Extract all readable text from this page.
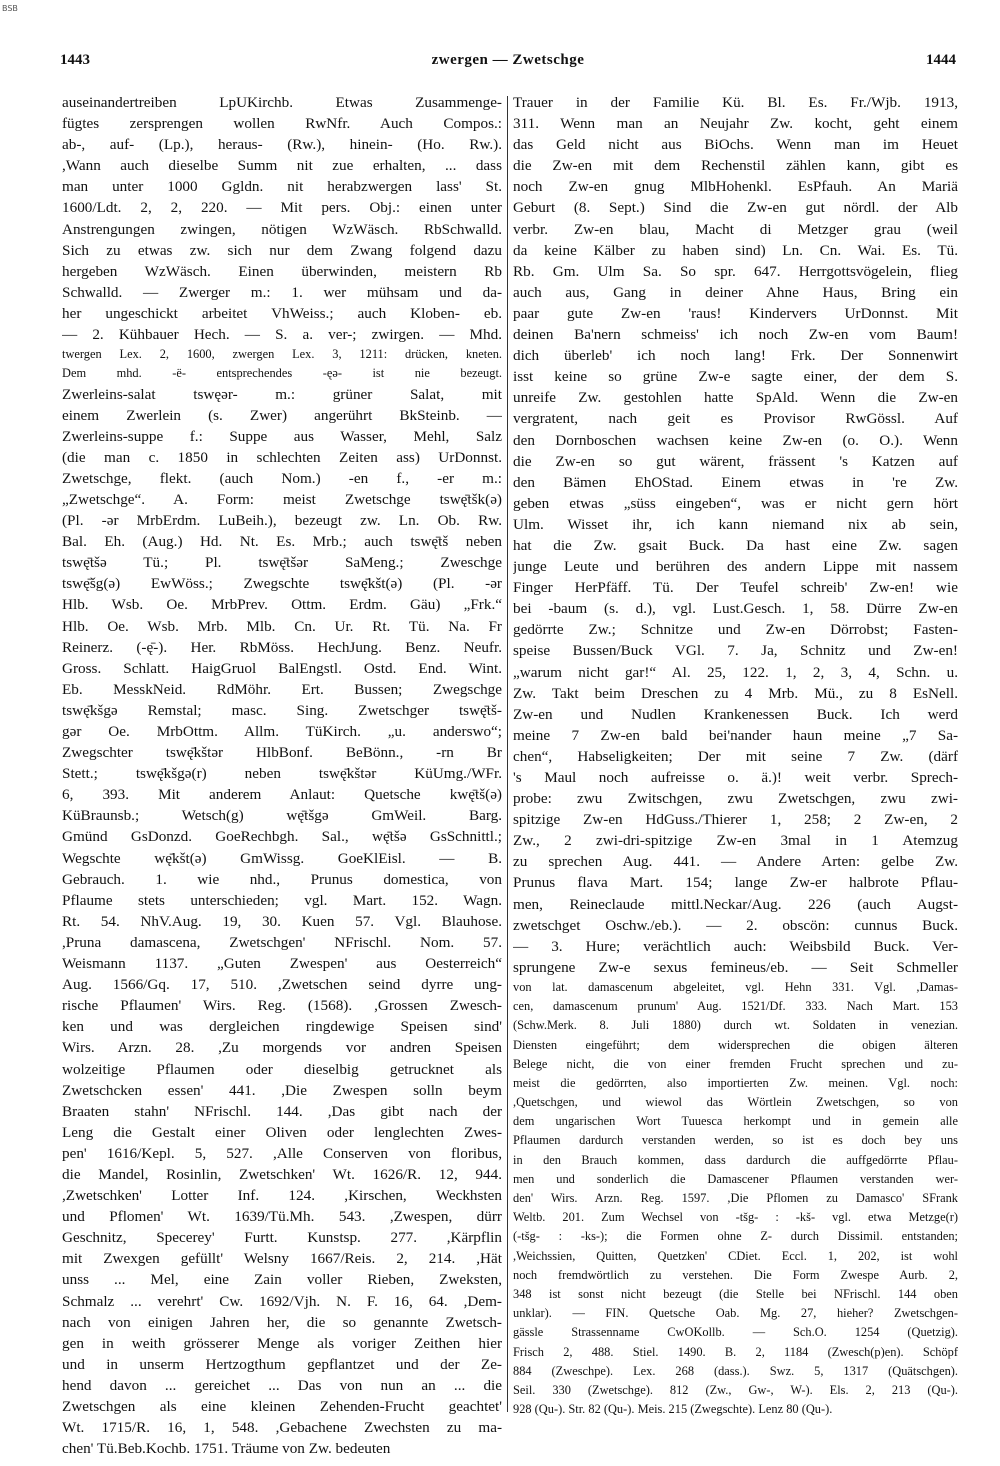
BSB
1443	zwergen — Zwetschge	1444
auseinandertreiben LpUKirchb. Etwas Zusammenge-
fügtes zersprengen wollen RwNfr. Auch Compos.:
ab-, auf- (Lp.), heraus- (Rw.), hinein- (Ho. Rw.).
,Wann auch dieselbe Summ nit zue erhalten, ... dass
man unter 1000 Ggldn. nit herabzwergen lass' St.
1600/Ldt. 2, 2, 220. — Mit pers. Obj.: einen unter
Anstrengungen zwingen, nötigen WzWäsch. RbSchwalld.
Sich zu etwas zw. sich nur dem Zwang folgend dazu
hergeben WzWäsch. Einen überwinden, meistern Rb
Schwalld. — Zwerger m.: 1. wer mühsam und da-
her ungeschickt arbeitet VhWeiss.; auch Kloben- eb.
— 2. Kühbauer Hech. — S. a. ver-; zwirgen. — Mhd.
twergen Lex. 2, 1600, zwergen Lex. 3, 1211: drücken, kneten.
Dem mhd. -ë- entsprechendes -ęə- ist nie bezeugt.
Zwerleins-salat tswęər- m.: grüner Salat, mit
einem Zwerlein (s. Zwer) angerührt BkSteinb. —
Zwerleins-suppe f.: Suppe aus Wasser, Mehl, Salz
(die man c. 1850 in schlechten Zeiten ass) UrDonnst.
Zwetschge, flekt. (auch Nom.) -en f., -er m.:
„Zwetschge“. A. Form: meist Zwetschge tswę̄tšk(ə)
(Pl. -ər MrbErdm. LuBeih.), bezeugt zw. Ln. Ob. Rw.
Bal. Eh. (Aug.) Hd. Nt. Es. Mrb.; auch tswę̄tš neben
tswę̄tšə Tü.; Pl. tswę̄tšər SaMeng.; Zweschge
tswę̄šg(ə) EwWöss.; Zwegschte tswę̄kšt(ə) (Pl. -ər
Hlb. Wsb. Oe. MrbPrev. Ottm. Erdm. Gäu) „Frk.“
Hlb. Oe. Wsb. Mrb. Mlb. Cn. Ur. Rt. Tü. Na. Fr
Reinerz. (-ę̄-). Her. RbMöss. HechJung. Benz. Neufr.
Gross. Schlatt. HaigGruol BalEngstl. Ostd. End. Wint.
Eb. MesskNeid. RdMöhr. Ert. Bussen; Zwegschge
tswę̄kšgə Remstal; masc. Sing. Zwetschger tswę̄tš-
gər Oe. MrbOttm. Allm. TüKirch. „u. anderswo“;
Zwegschter tswę̄kštər HlbBonf. BeBönn., -rn Br
Stett.; tswę̄kšgə(r) neben tswę̄kštər KüUmg./WFr.
6, 393. Mit anderem Anlaut: Quetsche kwę̄tš(ə)
KüBraunsb.; Wetsch(g) wę̄tšgə GmWeil. Barg.
Gmünd GsDonzd. GoeRechbgh. Sal., wę̄tšə GsSchnittl.;
Wegschte wę̄kšt(ə) GmWissg. GoeKlEisl. — B.
Gebrauch. 1. wie nhd., Prunus domestica, von
Pflaume stets unterschieden; vgl. Mart. 152. Wagn.
Rt. 54. NhV.Aug. 19, 30. Kuen 57. Vgl. Blauhose.
,Pruna damascena, Zwetschgen' NFrischl. Nom. 57.
Weismann 1137. „Guten Zwespen' aus Oesterreich“
Aug. 1566/Gq. 17, 510. ,Zwetschen seind dyrre ung-
rische Pflaumen' Wirs. Reg. (1568). ,Grossen Zwesch-
ken und was dergleichen ringdewige Speisen sind'
Wirs. Arzn. 28. ,Zu morgends vor andren Speisen
wolzeitige Pflaumen oder dieselbig getrucknet als
Zwetschcken essen' 441. ,Die Zwespen solln beym
Braaten stahn' NFrischl. 144. ,Das gibt nach der
Leng die Gestalt einer Oliven oder lenglechten Zwes-
pen' 1616/Kepl. 5, 527. ,Alle Conserven von floribus,
die Mandel, Rosinlin, Zwetschken' Wt. 1626/R. 12, 944.
,Zwetschken' Lotter Inf. 124. ,Kirschen, Weckhsten
und Pflomen' Wt. 1639/Tü.Mh. 543. ,Zwespen, dürr
Geschnitz, Specerey' Furtt. Kunstsp. 277. ,Kärpflin
mit Zwexgen gefüllt' Welsny 1667/Reis. 2, 214. ,Hät
unss ... Mel, eine Zain voller Rieben, Zweksten,
Schmalz ... verehrt' Cw. 1692/Vjh. N. F. 16, 64. ,Dem-
nach von einigen Jahren her, die so genannte Zwetsch-
gen in weith grösserer Menge als voriger Zeithen hier
und in unserm Hertzogthum gepflantzet und der Ze-
hend davon ... gereichet ... Das von nun an ... die
Zwetschgen als eine kleinen Zehenden-Frucht geachtet'
Wt. 1715/R. 16, 1, 548. ,Gebachene Zwechsten zu ma-
chen' Tü.Beb.Kochb. 1751. Träume von Zw. bedeuten
Trauer in der Familie Kü. Bl. Es. Fr./Wjb. 1913,
311. Wenn man an Neujahr Zw. kocht, geht einem
das Geld nicht aus BiOchs. Wenn man im Heuet
die Zw-en mit dem Rechenstil zählen kann, gibt es
noch Zw-en gnug MlbHohenkl. EsPfauh. An Mariä
Geburt (8. Sept.) Sind die Zw-en gut nördl. der Alb
verbr. Zw-en blau, Macht di Metzger grau (weil
da keine Kälber zu haben sind) Ln. Cn. Wai. Es. Tü.
Rb. Gm. Ulm Sa. So spr. 647. Herrgottsvögelein, flieg
auch aus, Gang in deiner Ahne Haus, Bring ein
paar gute Zw-en 'raus! Kindervers UrDonnst. Mit
deinen Ba'nern schmeiss' ich noch Zw-en vom Baum!
dich überleb' ich noch lang! Frk. Der Sonnenwirt
isst keine so grüne Zw-e sagte einer, der dem S.
unreife Zw. gestohlen hatte SpAld. Wenn die Zw-en
vergratent, nach geit es Provisor RwGössl. Auf
den Dornboschen wachsen keine Zw-en (o. O.). Wenn
die Zw-en so gut wärent, frässent 's Katzen auf
den Bämen EhOStad. Einem etwas in 're Zw.
geben etwas „süss eingeben“, was er nicht gern hört
Ulm. Wisset ihr, ich kann niemand nix ab sein,
hat die Zw. gsait Buck. Da hast eine Zw. sagen
junge Leute und berühren des andern Lippe mit nassem
Finger HerPfäff. Tü. Der Teufel schreib' Zw-en! wie
bei -baum (s. d.), vgl. Lust.Gesch. 1, 58. Dürre Zw-en
gedörrte Zw.; Schnitze und Zw-en Dörrobst; Fasten-
speise Bussen/Buck VGl. 7. Ja, Schnitz und Zw-en!
„warum nicht gar!“ Al. 25, 122. 1, 2, 3, 4, Schn. u.
Zw. Takt beim Dreschen zu 4 Mrb. Mü., zu 8 EsNell.
Zw-en und Nudlen Krankenessen Buck. Ich werd
meine 7 Zw-en bald bei'nander haun meine „7 Sa-
chen“, Habseligkeiten; Der mit seine 7 Zw. (därf
's Maul noch aufreisse o. ä.)! weit verbr. Sprech-
probe: zwu Zwitschgen, zwu Zwetschgen, zwu zwi-
spitzige Zw-en HdGuss./Thierer 1, 258; 2 Zw-en, 2
Zw., 2 zwi-dri-spitzige Zw-en 3mal in 1 Atemzug
zu sprechen Aug. 441. — Andere Arten: gelbe Zw.
Prunus flava Mart. 154; lange Zw-er halbrote Pflau-
men, Reineclaude mittl.Neckar/Aug. 226 (auch Augst-
zwetschget Oschw./eb.). — 2. obscön: cunnus Buck.
— 3. Hure; verächtlich auch: Weibsbild Buck. Ver-
sprungene Zw-e sexus femineus/eb. — Seit Schmeller
von lat. damascenum abgeleitet, vgl. Hehn 331. Vgl. ,Damas-
cen, damascenum prunum' Aug. 1521/Df. 333. Nach Mart. 153
(Schw.Merk. 8. Juli 1880) durch wt. Soldaten in venezian.
Diensten eingeführt; dem widersprechen die obigen älteren
Belege nicht, die von einer fremden Frucht sprechen und zu-
meist die gedörrten, also importierten Zw. meinen. Vgl. noch:
,Quetschgen, und wiewol das Wörtlein Zwetschgen, so von
dem ungarischen Wort Tuuesca herkompt und in gemein alle
Pflaumen dardurch verstanden werden, so ist es doch bey uns
in den Brauch kommen, dass dardurch die auffgedörrte Pflau-
men und sonderlich die Damascener Pflaumen verstanden wer-
den' Wirs. Arzn. Reg. 1597. ,Die Pflomen zu Damasco' SFrank
Weltb. 201. Zum Wechsel von -tšg- : -kš- vgl. etwa Metzge(r)
(-tšg- : -ks-); die Formen ohne Z- durch Dissimil. entstanden;
,Weichssien, Quitten, Quetzken' CDiet. Eccl. 1, 202, ist wohl
noch fremdwörtlich zu verstehen. Die Form Zwespe Aurb. 2,
348 ist sonst nicht bezeugt (die Stelle bei NFrischl. 144 oben
unklar). — FIN. Quetsche Oab. Mg. 27, hieher? Zwetschgen-
gässle Strassenname CwOKollb. — Sch.O. 1254 (Quetzig).
Frisch 2, 488. Stiel. 1490. B. 2, 1184 (Zwesch(p)en). Schöpf
884 (Zweschpe). Lex. 268 (dass.). Swz. 5, 1317 (Quätschgen).
Seil. 330 (Zwetschge). 812 (Zw., Gw-, W-). Els. 2, 213 (Qu-).
928 (Qu-). Str. 82 (Qu-). Meis. 215 (Zwegschte). Lenz 80 (Qu-).
